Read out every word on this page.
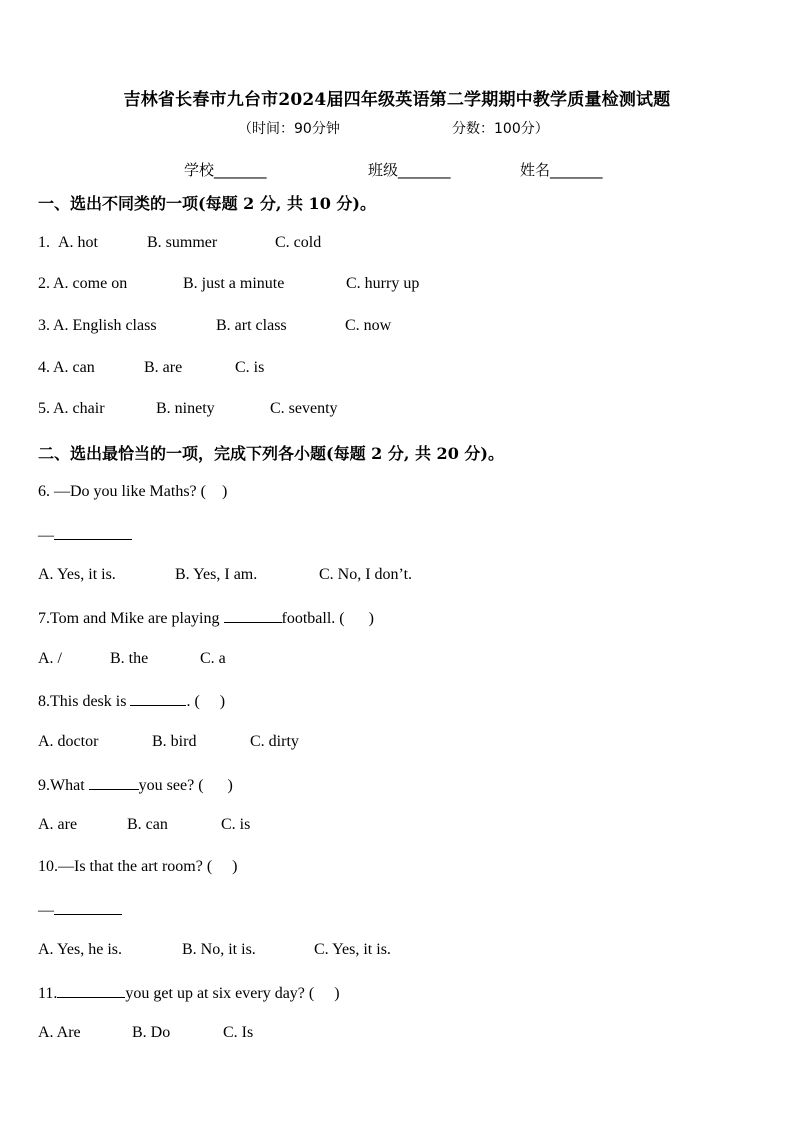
吉林省长春市九台市2024届四年级英语第二学期期中教学质量检测试题
（时间：90分钟	分数：100分）
学校_______	班级_______	姓名_______
一、选出不同类的一项(每题 2 分, 共 10 分)。
1. A. hot	B. summer	C. cold
2. A. come on	B. just a minute	C. hurry up
3. A. English class	B. art class	C. now
4. A. can	B. are	C. is
5. A. chair	B. ninety	C. seventy
二、选出最恰当的一项，完成下列各小题(每题 2 分, 共 20 分)。
6. —Do you like Maths? (    )
—
A. Yes, it is.	B. Yes, I am.	C. No, I don’t.
7.Tom and Mike are playing	football. (      )
A. /	B. the	C. a
8.This desk is	. (     )
A. doctor	B. bird	C. dirty
9.What	you see? (      )
A. are	B. can	C. is
10.—Is that the art room? (     )
—
A. Yes, he is.	B. No, it is.	C. Yes, it is.
11.	you get up at six every day? (     )
A. Are	B. Do	C. Is
